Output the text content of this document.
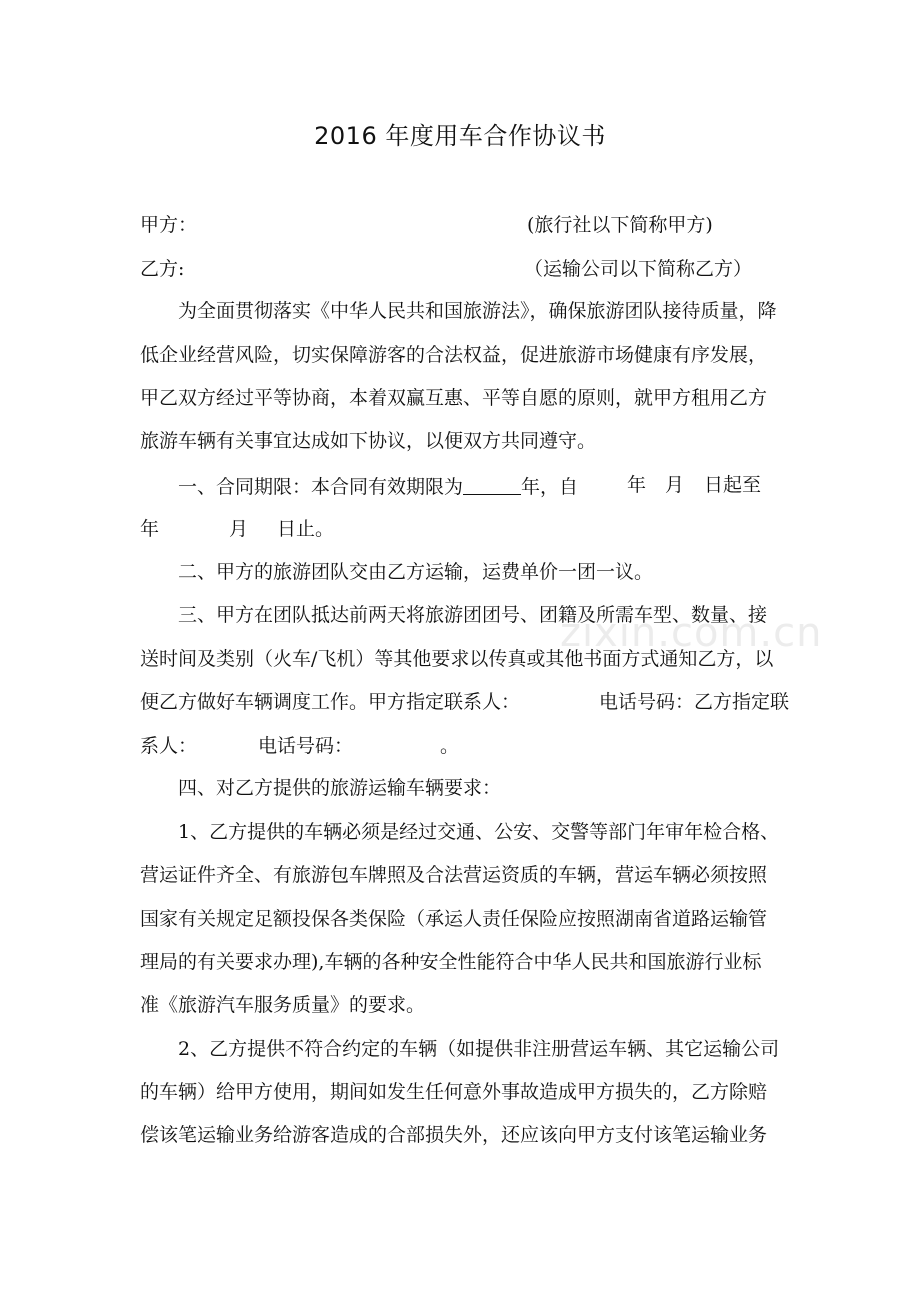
2016 年度用车合作协议书
甲方：	(旅行社以下简称甲方)
乙方:	（运输公司以下简称乙方）
为全面贯彻落实《中华人民共和国旅游法》，确保旅游团队接待质量，降
低企业经营风险，切实保障游客的合法权益，促进旅游市场健康有序发展，
甲乙双方经过平等协商，本着双赢互惠、平等自愿的原则，就甲方租用乙方
旅游车辆有关事宜达成如下协议，以便双方共同遵守。
一、合同期限：本合同有效期限为	年，自	年 月 日起至
年	月 日止。
二、甲方的旅游团队交由乙方运输，运费单价一团一议。
三、甲方在团队抵达前两天将旅游团团号、团籍及所需车型、数量、接
送时间及类别（火车/飞机）等其他要求以传真或其他书面方式通知乙方，以
便乙方做好车辆调度工作。甲方指定联系人：	电话号码：乙方指定联
系人：	电话号码：	。
四、对乙方提供的旅游运输车辆要求：
1、乙方提供的车辆必须是经过交通、公安、交警等部门年审年检合格、
营运证件齐全、有旅游包车牌照及合法营运资质的车辆，营运车辆必须按照
国家有关规定足额投保各类保险（承运人责任保险应按照湖南省道路运输管
理局的有关要求办理),车辆的各种安全性能符合中华人民共和国旅游行业标
准《旅游汽车服务质量》的要求。
2、乙方提供不符合约定的车辆（如提供非注册营运车辆、其它运输公司
的车辆）给甲方使用，期间如发生任何意外事故造成甲方损失的，乙方除赔
偿该笔运输业务给游客造成的合部损失外，还应该向甲方支付该笔运输业务
zixin.com.cn
